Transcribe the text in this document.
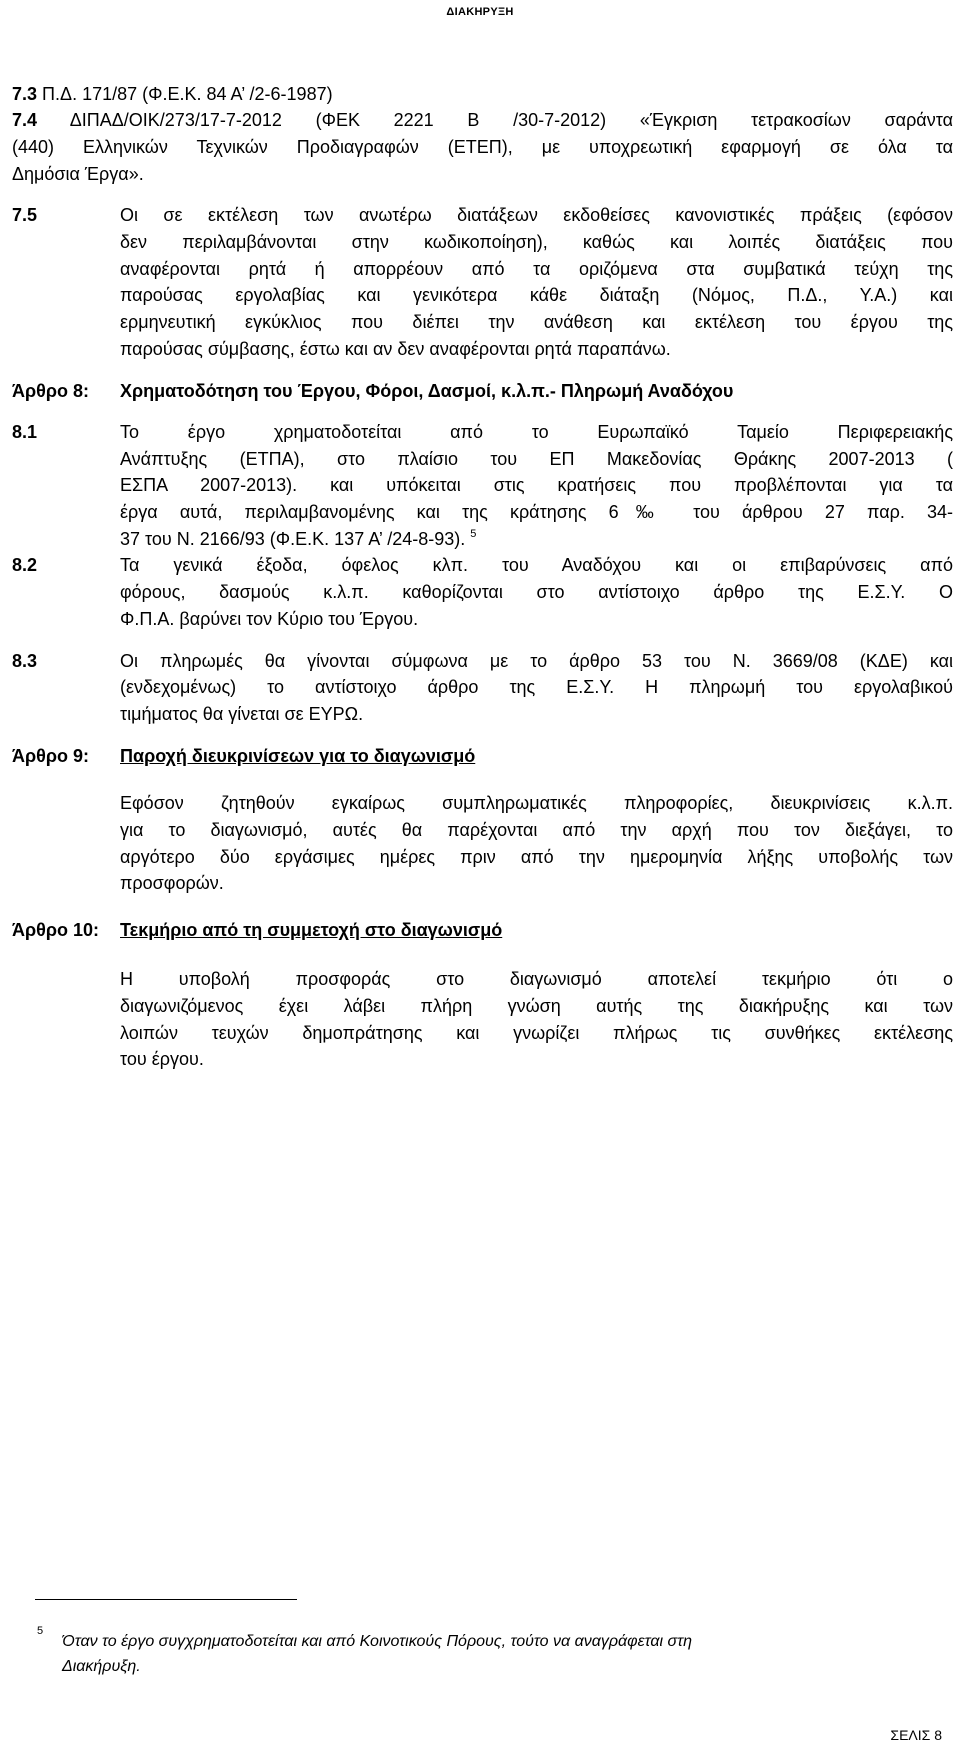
ΔΙΑΚΗΡΥΞΗ
7.3 Π.Δ. 171/87 (Φ.Ε.Κ. 84 Α’ /2-6-1987)
7.4 ΔΙΠΑΔ/ΟΙΚ/273/17-7-2012 (ΦΕΚ 2221 Β /30-7-2012) «Έγκριση τετρακοσίων σαράντα
(440) Ελληνικών Τεχνικών Προδιαγραφών (ΕΤΕΠ), με υποχρεωτική εφαρμογή σε όλα τα
Δημόσια Έργα».
7.5	Οι σε εκτέλεση των ανωτέρω διατάξεων εκδοθείσες κανονιστικές πράξεις (εφόσον
δεν περιλαμβάνονται στην κωδικοποίηση), καθώς και λοιπές διατάξεις που
αναφέρονται ρητά ή απορρέουν από τα οριζόμενα στα συμβατικά τεύχη της
παρούσας εργολαβίας και γενικότερα κάθε διάταξη (Νόμος, Π.Δ., Υ.Α.) και
ερμηνευτική εγκύκλιος που διέπει την ανάθεση και εκτέλεση του έργου της
παρούσας σύμβασης, έστω και αν δεν αναφέρονται ρητά παραπάνω.
Άρθρο 8: Χρηματοδότηση του Έργου, Φόροι, Δασμοί, κ.λ.π.- Πληρωμή Αναδόχου
8.1	Το έργο χρηματοδοτείται από το Ευρωπαϊκό Ταμείο Περιφερειακής
Ανάπτυξης (ΕΤΠΑ), στο πλαίσιο του ΕΠ Μακεδονίας Θράκης 2007-2013 (
ΕΣΠΑ 2007-2013). και υπόκειται στις κρατήσεις που προβλέπονται για τα
έργα αυτά, περιλαμβανομένης και της κράτησης 6‰ του άρθρου 27 παρ. 34-
37 του Ν. 2166/93 (Φ.Ε.Κ. 137 Α’ /24-8-93). $^5$
8.2	Τα γενικά έξοδα, όφελος κλπ. του Αναδόχου και οι επιβαρύνσεις από
φόρους, δασμούς κ.λ.π. καθορίζονται στο αντίστοιχο άρθρο της Ε.Σ.Υ. Ο
Φ.Π.Α. βαρύνει τον Κύριο του Έργου.
8.3	Οι πληρωμές θα γίνονται σύμφωνα με το άρθρο 53 του Ν. 3669/08 (ΚΔΕ) και
(ενδεχομένως) το αντίστοιχο άρθρο της Ε.Σ.Υ. Η πληρωμή του εργολαβικού
τιμήματος θα γίνεται σε ΕΥΡΩ.
Άρθρο 9: Παροχή διευκρινίσεων για το διαγωνισμό
Εφόσον ζητηθούν εγκαίρως συμπληρωματικές πληροφορίες, διευκρινίσεις κ.λ.π.
για το διαγωνισμό, αυτές θα παρέχονται από την αρχή που τον διεξάγει, το
αργότερο δύο εργάσιμες ημέρες πριν από την ημερομηνία λήξης υποβολής των
προσφορών.
Άρθρο 10: Τεκμήριο από τη συμμετοχή στο διαγωνισμό
Η υποβολή προσφοράς στο διαγωνισμό αποτελεί τεκμήριο ότι ο
διαγωνιζόμενος έχει λάβει πλήρη γνώση αυτής της διακήρυξης και των
λοιπών τευχών δημοπράτησης και γνωρίζει πλήρως τις συνθήκες εκτέλεσης
του έργου.
5
Όταν το έργο συγχρηματοδοτείται και από Κοινοτικούς Πόρους, τούτο να αναγράφεται στη
Διακήρυξη.
ΣΕΛΙΣ 8
